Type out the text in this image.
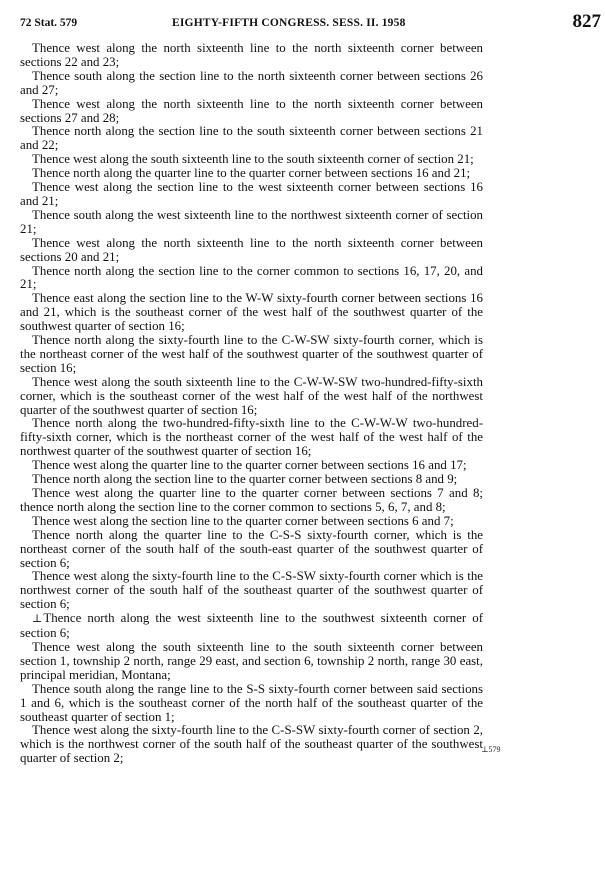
72 Stat. 579	EIGHTY-FIFTH CONGRESS. SESS. II. 1958	827

Thence west along the north sixteenth line to the north sixteenth corner between sections 22 and 23;

Thence south along the section line to the north sixteenth corner between sections 26 and 27;

Thence west along the north sixteenth line to the north sixteenth corner between sections 27 and 28;

Thence north along the section line to the south sixteenth corner between sections 21 and 22;

Thence west along the south sixteenth line to the south sixteenth corner of section 21;

Thence north along the quarter line to the quarter corner between sections 16 and 21;

Thence west along the section line to the west sixteenth corner between sections 16 and 21;

Thence south along the west sixteenth line to the northwest sixteenth corner of section 21;

Thence west along the north sixteenth line to the north sixteenth corner between sections 20 and 21;

Thence north along the section line to the corner common to sections 16, 17, 20, and 21;

Thence east along the section line to the W-W sixty-fourth corner between sections 16 and 21, which is the southeast corner of the west half of the southwest quarter of the southwest quarter of section 16;

Thence north along the sixty-fourth line to the C-W-SW sixty-fourth corner, which is the northeast corner of the west half of the southwest quarter of the southwest quarter of section 16;

Thence west along the south sixteenth line to the C-W-W-SW two-hundred-fifty-sixth corner, which is the southeast corner of the west half of the west half of the northwest quarter of the southwest quarter of section 16;

Thence north along the two-hundred-fifty-sixth line to the C-W-W-W two-hundred-fifty-sixth corner, which is the northeast corner of the west half of the west half of the northwest quarter of the southwest quarter of section 16;

Thence west along the quarter line to the quarter corner between sections 16 and 17;

Thence north along the section line to the quarter corner between sections 8 and 9;

Thence west along the quarter line to the quarter corner between sections 7 and 8; thence north along the section line to the corner common to sections 5, 6, 7, and 8;

Thence west along the section line to the quarter corner between sections 6 and 7;

Thence north along the quarter line to the C-S-S sixty-fourth corner, which is the northeast corner of the south half of the south-east quarter of the southwest quarter of section 6;

Thence west along the sixty-fourth line to the C-S-SW sixty-fourth corner which is the northwest corner of the south half of the southeast quarter of the southwest quarter of section 6;

⊥Thence north along the west sixteenth line to the southwest sixteenth corner of section 6;

Thence west along the south sixteenth line to the south sixteenth corner between section 1, township 2 north, range 29 east, and section 6, township 2 north, range 30 east, principal meridian, Montana;

Thence south along the range line to the S-S sixty-fourth corner between said sections 1 and 6, which is the southeast corner of the north half of the southeast quarter of the southeast quarter of section 1;

Thence west along the sixty-fourth line to the C-S-SW sixty-fourth corner of section 2, which is the northwest corner of the south half of the southeast quarter of the southwest quarter of section 2;

⊥579
